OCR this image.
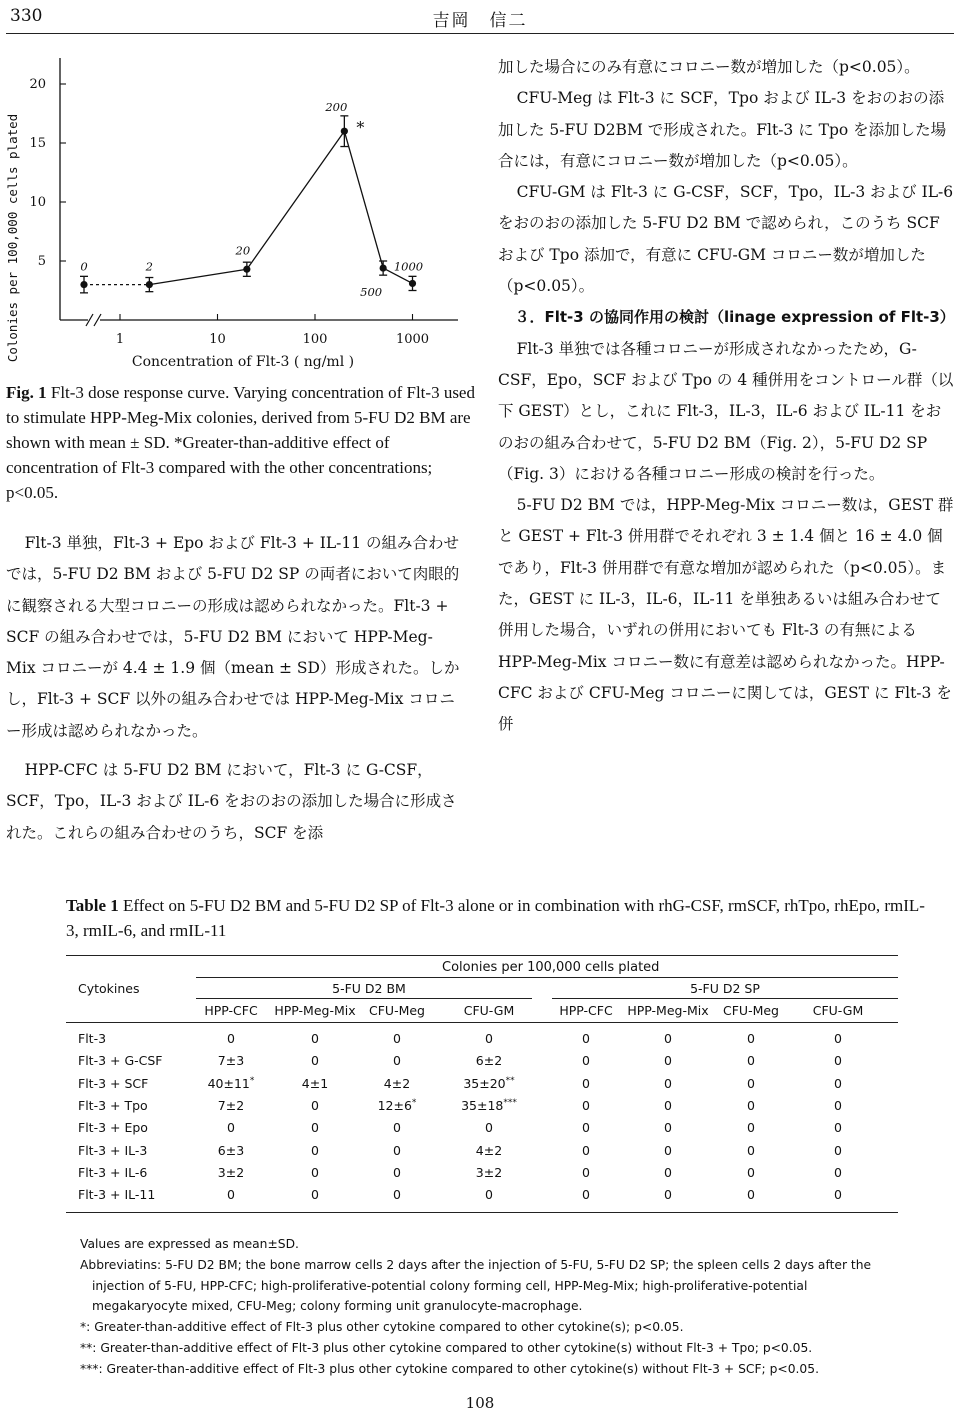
330	吉岡　信二
Colonies per 100,000 cells plated
20
15
10
5
1	10	100	1000
0	2
20
200
500
1000
*
Concentration of Flt-3 ( ng/ml )
Fig. 1 Flt-3 dose response curve. Varying concentration of Flt-3 used to stimulate HPP-Meg-Mix colonies, derived from 5-FU D2 BM are shown with mean ± SD. *Greater-than-additive effect of concentration of Flt-3 compared with the other concentrations; p<0.05.

Flt-3 単独，Flt-3 + Epo および Flt-3 + IL-11 の組み合わせでは，5-FU D2 BM および 5-FU D2 SP の両者において肉眼的に観察される大型コロニーの形成は認められなかった。Flt-3 + SCF の組み合わせでは，5-FU D2 BM において HPP-Meg-Mix コロニーが 4.4 ± 1.9 個（mean ± SD）形成された。しかし，Flt-3 + SCF 以外の組み合わせでは HPP-Meg-Mix コロニー形成は認められなかった。

HPP-CFC は 5-FU D2 BM において，Flt-3 に G-CSF，SCF，Tpo，IL-3 および IL-6 をおのおの添加した場合に形成された。これらの組み合わせのうち，SCF を添

加した場合にのみ有意にコロニー数が増加した（p<0.05）。

CFU-Meg は Flt-3 に SCF，Tpo および IL-3 をおのおの添加した 5-FU D2BM で形成された。Flt-3 に Tpo を添加した場合には，有意にコロニー数が増加した（p<0.05）。

CFU-GM は Flt-3 に G-CSF，SCF，Tpo，IL-3 および IL-6 をおのおの添加した 5-FU D2 BM で認められ，このうち SCF および Tpo 添加で，有意に CFU-GM コロニー数が増加した（p<0.05）。

３．Flt-3 の協同作用の検討（linage expression of Flt-3）

Flt-3 単独では各種コロニーが形成されなかったため，G-CSF，Epo，SCF および Tpo の 4 種併用をコントロール群（以下 GEST）とし，これに Flt-3，IL-3，IL-6 および IL-11 をおのおの組み合わせて，5-FU D2 BM（Fig. 2），5-FU D2 SP（Fig. 3）における各種コロニー形成の検討を行った。

5-FU D2 BM では，HPP-Meg-Mix コロニー数は，GEST 群と GEST + Flt-3 併用群でそれぞれ 3 ± 1.4 個と 16 ± 4.0 個であり，Flt-3 併用群で有意な増加が認められた（p<0.05）。また，GEST に IL-3，IL-6，IL-11 を単独あるいは組み合わせて併用した場合，いずれの併用においても Flt-3 の有無による HPP-Meg-Mix コロニー数に有意差は認められなかった。HPP-CFC および CFU-Meg コロニーに関しては，GEST に Flt-3 を併

Table 1 Effect on 5-FU D2 BM and 5-FU D2 SP of Flt-3 alone or in combination with rhG-CSF, rmSCF, rhTpo, rhEpo, rmIL-3, rmIL-6, and rmIL-11
Colonies per 100,000 cells plated
Cytokines	5-FU D2 BM	5-FU D2 SP
HPP-CFC	HPP-Meg-Mix	CFU-Meg	CFU-GM	HPP-CFC	HPP-Meg-Mix	CFU-Meg	CFU-GM
Flt-3	0	0	0	0	0	0	0	0
Flt-3 + G-CSF	7±3	0	0	6±2	0	0	0	0
Flt-3 + SCF	40±11*	4±1	4±2	35±20**	0	0	0	0
Flt-3 + Tpo	7±2	0	12±6*	35±18***	0	0	0	0
Flt-3 + Epo	0	0	0	0	0	0	0	0
Flt-3 + IL-3	6±3	0	0	4±2	0	0	0	0
Flt-3 + IL-6	3±2	0	0	3±2	0	0	0	0
Flt-3 + IL-11	0	0	0	0	0	0	0	0

Values are expressed as mean±SD.

Abbreviatins: 5-FU D2 BM; the bone marrow cells 2 days after the injection of 5-FU, 5-FU D2 SP; the spleen cells 2 days after the injection of 5-FU, HPP-CFC; high-proliferative-potential colony forming cell, HPP-Meg-Mix; high-proliferative-potential megakaryocyte mixed, CFU-Meg; colony forming unit granulocyte-macrophage.

*: Greater-than-additive effect of Flt-3 plus other cytokine compared to other cytokine(s); p<0.05.

**: Greater-than-additive effect of Flt-3 plus other cytokine compared to other cytokine(s) without Flt-3 + Tpo; p<0.05.

***: Greater-than-additive effect of Flt-3 plus other cytokine compared to other cytokine(s) without Flt-3 + SCF; p<0.05.

108
